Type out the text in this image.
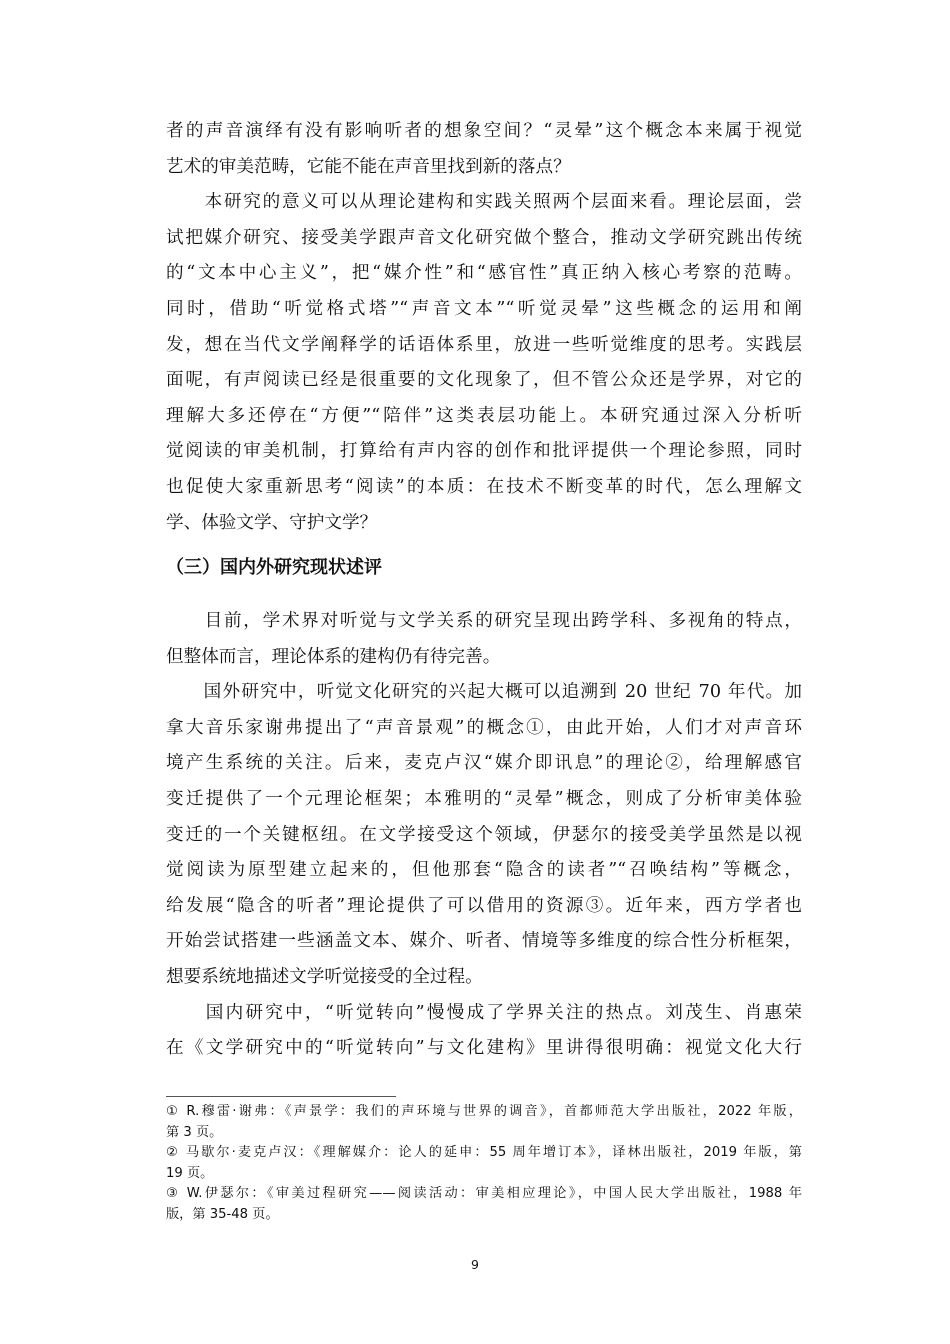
者的声音演绎有没有影响听者的想象空间？“灵晕”这个概念本来属于视觉
艺术的审美范畴，它能不能在声音里找到新的落点？
　　本研究的意义可以从理论建构和实践关照两个层面来看。理论层面，尝
试把媒介研究、接受美学跟声音文化研究做个整合，推动文学研究跳出传统
的“文本中心主义”，把“媒介性”和“感官性”真正纳入核心考察的范畴。
同时，借助“听觉格式塔”“声音文本”“听觉灵晕”这些概念的运用和阐
发，想在当代文学阐释学的话语体系里，放进一些听觉维度的思考。实践层
面呢，有声阅读已经是很重要的文化现象了，但不管公众还是学界，对它的
理解大多还停在“方便”“陪伴”这类表层功能上。本研究通过深入分析听
觉阅读的审美机制，打算给有声内容的创作和批评提供一个理论参照，同时
也促使大家重新思考“阅读”的本质：在技术不断变革的时代，怎么理解文
学、体验文学、守护文学？
（三）国内外研究现状述评
　　目前，学术界对听觉与文学关系的研究呈现出跨学科、多视角的特点，
但整体而言，理论体系的建构仍有待完善。
　　国外研究中，听觉文化研究的兴起大概可以追溯到 20 世纪 70 年代。加
拿大音乐家谢弗提出了“声音景观”的概念①，由此开始，人们才对声音环
境产生系统的关注。后来，麦克卢汉“媒介即讯息”的理论②，给理解感官
变迁提供了一个元理论框架；本雅明的“灵晕”概念，则成了分析审美体验
变迁的一个关键枢纽。在文学接受这个领域，伊瑟尔的接受美学虽然是以视
觉阅读为原型建立起来的，但他那套“隐含的读者”“召唤结构”等概念，
给发展“隐含的听者”理论提供了可以借用的资源③。近年来，西方学者也
开始尝试搭建一些涵盖文本、媒介、听者、情境等多维度的综合性分析框架，
想要系统地描述文学听觉接受的全过程。
　　国内研究中，“听觉转向”慢慢成了学界关注的热点。刘茂生、肖惠荣
在《文学研究中的“听觉转向”与文化建构》里讲得很明确：视觉文化大行
① R.穆雷·谢弗：《声景学：我们的声环境与世界的调音》，首都师范大学出版社，2022 年版，
第 3 页。
② 马歇尔·麦克卢汉：《理解媒介：论人的延申：55 周年增订本》，译林出版社，2019 年版，第
19 页。
③ W.伊瑟尔：《审美过程研究——阅读活动：审美相应理论》，中国人民大学出版社，1988 年
版，第 35-48 页。
9
